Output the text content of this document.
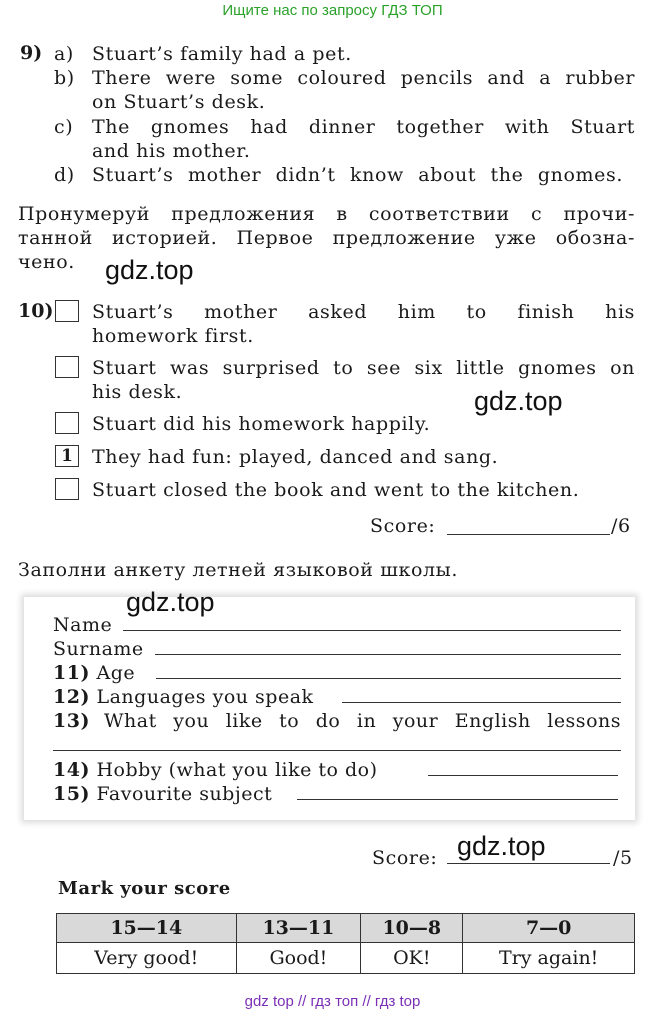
Ищите нас по запросу ГДЗ ТОП
9) a) Stuart’s family had a pet.
b) There were some coloured pencils and a rubber
on Stuart’s desk.
c) The gnomes had dinner together with Stuart
and his mother.
d) Stuart’s mother didn’t know about the gnomes.
Пронумеруй предложения в соответствии с прочи-
танной историей. Первое предложение уже обозна-
чено. gdz.top
10) Stuart’s mother asked him to finish his
homework first.
Stuart was surprised to see six little gnomes on
his desk.	gdz.top
Stuart did his homework happily.
1 They had fun: played, danced and sang.
Stuart closed the book and went to the kitchen.
Score:	/6
Заполни анкету летней языковой школы.
gdz.top
Name
Surname
11) Age
12) Languages you speak
13) What you like to do in your English lessons
14) Hobby (what you like to do)
15) Favourite subject
Score:	/5
gdz.top
Mark your score
15—14	13—11	10—8	7—0
Very good!	Good!	OK!	Try again!
gdz top // гдз топ // гдз top
